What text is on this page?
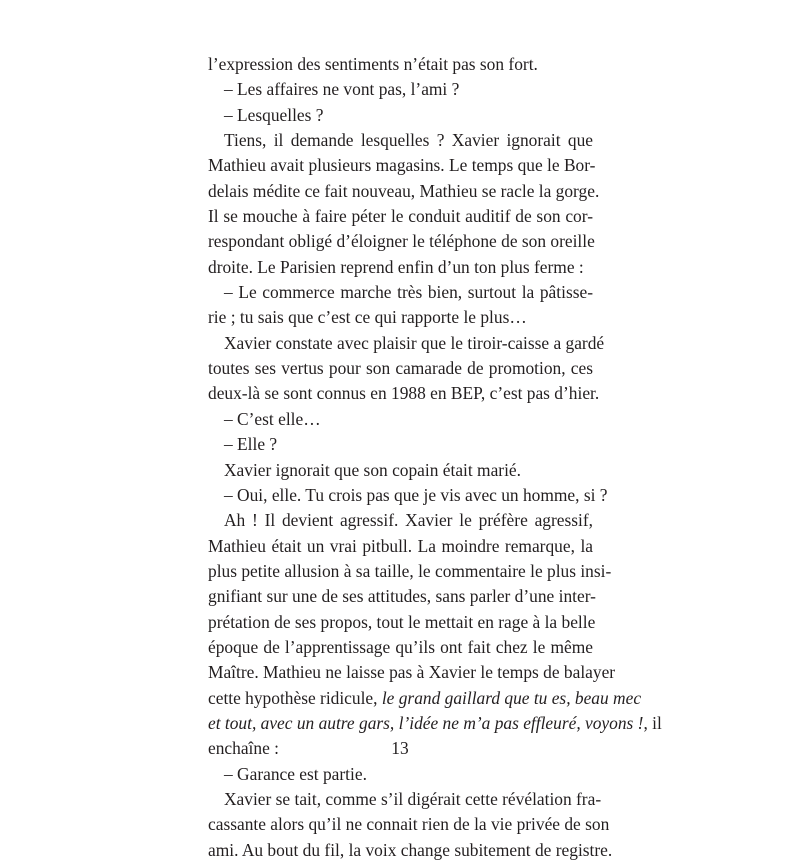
l’expression des sentiments n’était pas son fort.
– Les affaires ne vont pas, l’ami ?
– Lesquelles ?
Tiens, il demande lesquelles ? Xavier ignorait que
Mathieu avait plusieurs magasins. Le temps que le Bor-
delais médite ce fait nouveau, Mathieu se racle la gorge.
Il se mouche à faire péter le conduit auditif de son cor-
respondant obligé d’éloigner le téléphone de son oreille
droite. Le Parisien reprend enfin d’un ton plus ferme :
– Le commerce marche très bien, surtout la pâtisse-
rie ; tu sais que c’est ce qui rapporte le plus…
Xavier constate avec plaisir que le tiroir-caisse a gardé
toutes ses vertus pour son camarade de promotion, ces
deux-là se sont connus en 1988 en BEP, c’est pas d’hier.
– C’est elle…
– Elle ?
Xavier ignorait que son copain était marié.
– Oui, elle. Tu crois pas que je vis avec un homme, si ?
Ah ! Il devient agressif. Xavier le préfère agressif,
Mathieu était un vrai pitbull. La moindre remarque, la
plus petite allusion à sa taille, le commentaire le plus insi-
gnifiant sur une de ses attitudes, sans parler d’une inter-
prétation de ses propos, tout le mettait en rage à la belle
époque de l’apprentissage qu’ils ont fait chez le même
Maître. Mathieu ne laisse pas à Xavier le temps de balayer
cette hypothèse ridicule, le grand gaillard que tu es, beau mec
et tout, avec un autre gars, l’idée ne m’a pas effleuré, voyons !, il
enchaîne :
– Garance est partie.
Xavier se tait, comme s’il digérait cette révélation fra-
cassante alors qu’il ne connait rien de la vie privée de son
ami. Au bout du fil, la voix change subitement de registre.
13
